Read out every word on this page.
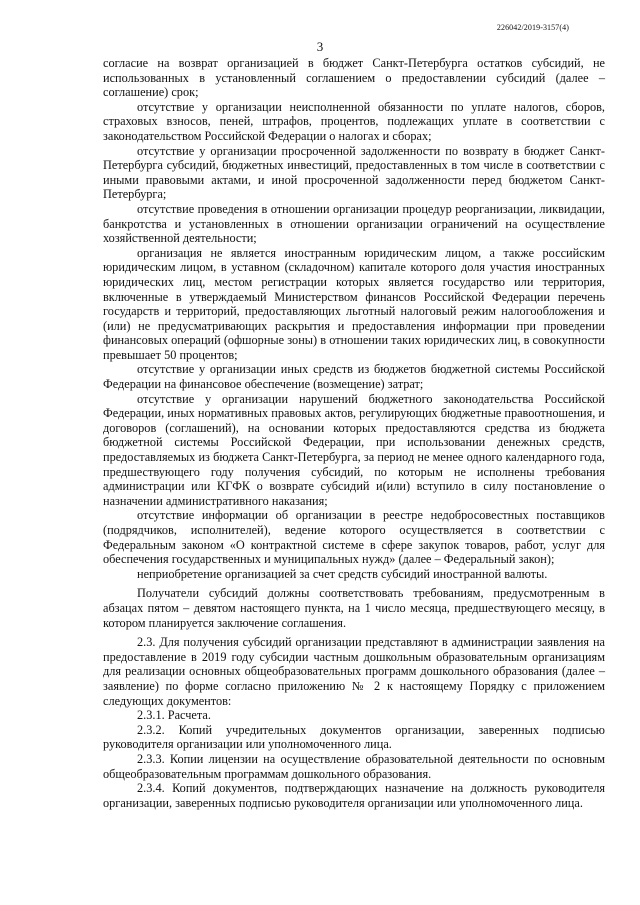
226042/2019-3157(4)
3

согласие на возврат организацией в бюджет Санкт-Петербурга остатков субсидий, не использованных в установленный соглашением о предоставлении субсидий (далее – соглашение) срок;

отсутствие у организации неисполненной обязанности по уплате налогов, сборов, страховых взносов, пеней, штрафов, процентов, подлежащих уплате в соответствии с законодательством Российской Федерации о налогах и сборах;

отсутствие у организации просроченной задолженности по возврату в бюджет Санкт-Петербурга субсидий, бюджетных инвестиций, предоставленных в том числе в соответствии с иными правовыми актами, и иной просроченной задолженности перед бюджетом Санкт-Петербурга;

отсутствие проведения в отношении организации процедур реорганизации, ликвидации, банкротства и установленных в отношении организации ограничений на осуществление хозяйственной деятельности;

организация не является иностранным юридическим лицом, а также российским юридическим лицом, в уставном (складочном) капитале которого доля участия иностранных юридических лиц, местом регистрации которых является государство или территория, включенные в утверждаемый Министерством финансов Российской Федерации перечень государств и территорий, предоставляющих льготный налоговый режим налогообложения и (или) не предусматривающих раскрытия и предоставления информации при проведении финансовых операций (офшорные зоны) в отношении таких юридических лиц, в совокупности превышает 50 процентов;

отсутствие у организации иных средств из бюджетов бюджетной системы Российской Федерации на финансовое обеспечение (возмещение) затрат;

отсутствие у организации нарушений бюджетного законодательства Российской Федерации, иных нормативных правовых актов, регулирующих бюджетные правоотношения, и договоров (соглашений), на основании которых предоставляются средства из бюджета бюджетной системы Российской Федерации, при использовании денежных средств, предоставляемых из бюджета Санкт-Петербурга, за период не менее одного календарного года, предшествующего году получения субсидий, по которым не исполнены требования администрации или КГФК о возврате субсидий и(или) вступило в силу постановление о назначении административного наказания;

отсутствие информации об организации в реестре недобросовестных поставщиков (подрядчиков, исполнителей), ведение которого осуществляется в соответствии с Федеральным законом «О контрактной системе в сфере закупок товаров, работ, услуг для обеспечения государственных и муниципальных нужд» (далее – Федеральный закон);

неприобретение организацией за счет средств субсидий иностранной валюты.

Получатели субсидий должны соответствовать требованиям, предусмотренным в абзацах пятом – девятом настоящего пункта, на 1 число месяца, предшествующего месяцу, в котором планируется заключение соглашения.

2.3. Для получения субсидий организации представляют в администрации заявления на предоставление в 2019 году субсидии частным дошкольным образовательным организациям для реализации основных общеобразовательных программ дошкольного образования (далее – заявление) по форме согласно приложению № 2 к настоящему Порядку с приложением следующих документов:

2.3.1. Расчета.

2.3.2. Копий учредительных документов организации, заверенных подписью руководителя организации или уполномоченного лица.

2.3.3. Копии лицензии на осуществление образовательной деятельности по основным общеобразовательным программам дошкольного образования.

2.3.4. Копий документов, подтверждающих назначение на должность руководителя организации, заверенных подписью руководителя организации или уполномоченного лица.
